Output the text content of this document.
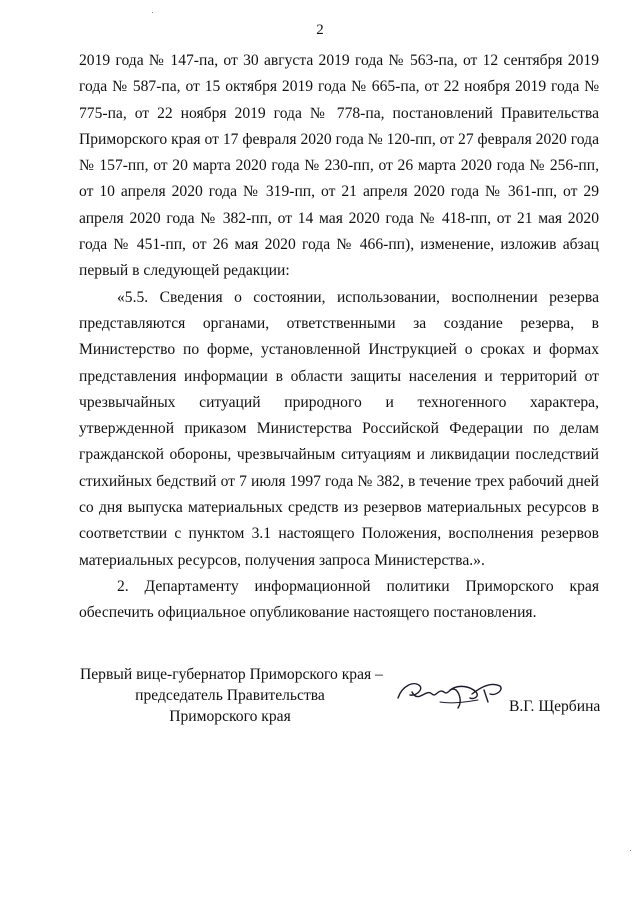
2

2019 года № 147-па, от 30 августа 2019 года № 563-па, от 12 сентября 2019 года № 587-па, от 15 октября 2019 года № 665-па, от 22 ноября 2019 года № 775-па, от 22 ноября 2019 года № 778-па, постановлений Правительства Приморского края от 17 февраля 2020 года № 120-пп, от 27 февраля 2020 года № 157-пп, от 20 марта 2020 года № 230-пп, от 26 марта 2020 года № 256-пп, от 10 апреля 2020 года № 319-пп, от 21 апреля 2020 года № 361-пп, от 29 апреля 2020 года № 382-пп, от 14 мая 2020 года № 418-пп, от 21 мая 2020 года № 451-пп, от 26 мая 2020 года № 466-пп), изменение, изложив абзац первый в следующей редакции:

«5.5. Сведения о состоянии, использовании, восполнении резерва представляются органами, ответственными за создание резерва, в Министерство по форме, установленной Инструкцией о сроках и формах представления информации в области защиты населения и территорий от чрезвычайных ситуаций природного и техногенного характера, утвержденной приказом Министерства Российской Федерации по делам гражданской обороны, чрезвычайным ситуациям и ликвидации последствий стихийных бедствий от 7 июля 1997 года № 382, в течение трех рабочий дней со дня выпуска материальных средств из резервов материальных ресурсов в соответствии с пунктом 3.1 настоящего Положения, восполнения резервов материальных ресурсов, получения запроса Министерства.».

2. Департаменту информационной политики Приморского края обеспечить официальное опубликование настоящего постановления.

Первый вице-губернатор Приморского края –
председатель Правительства
Приморского края
В.Г. Щербина
